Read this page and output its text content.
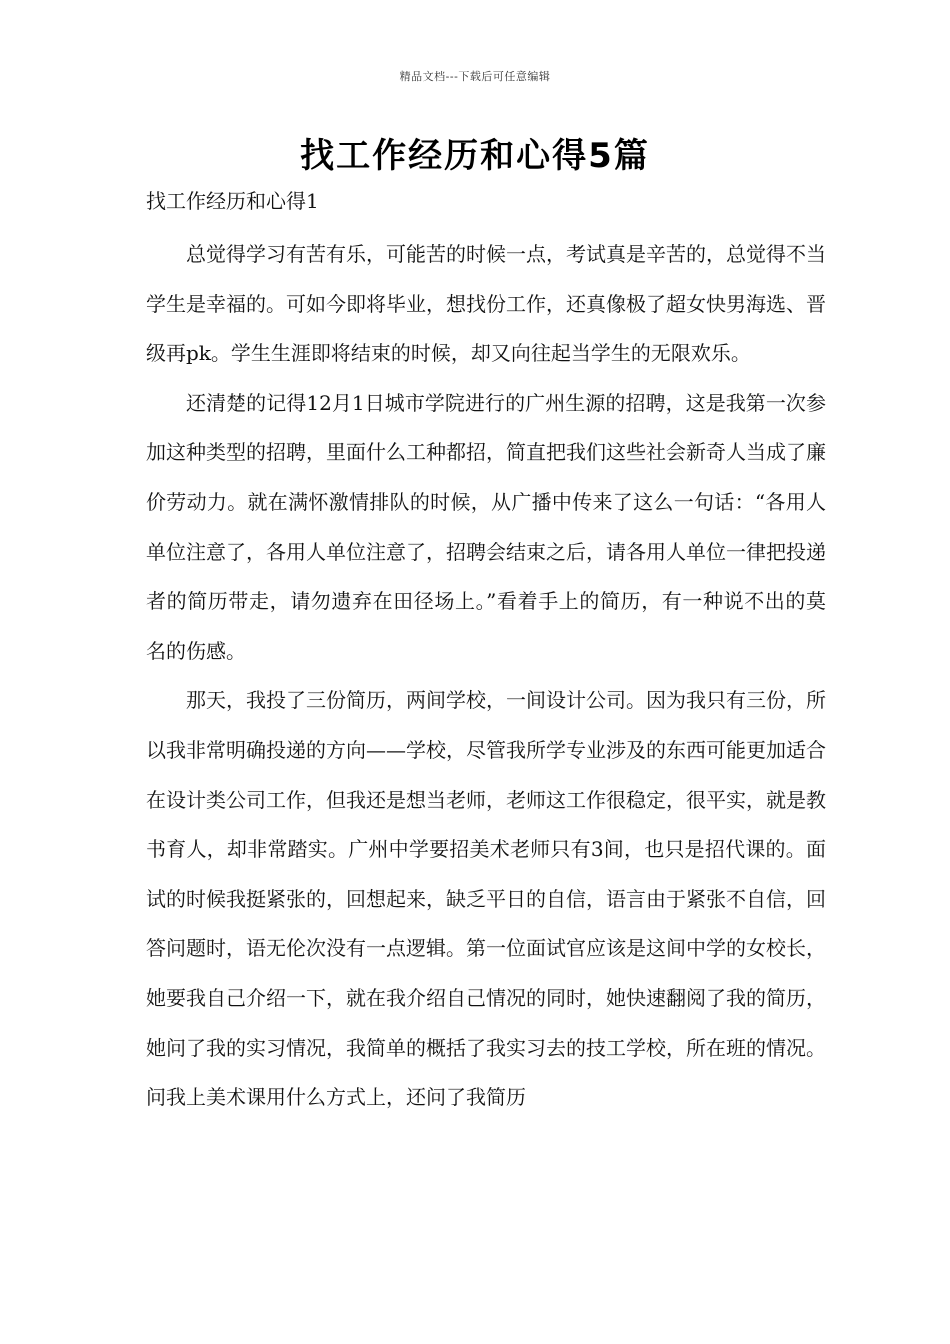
精品文档---下载后可任意编辑
找工作经历和心得5篇
找工作经历和心得1

总觉得学习有苦有乐，可能苦的时候一点，考试真是辛苦的，总觉得不当学生是幸福的。可如今即将毕业，想找份工作，还真像极了超女快男海选、晋级再pk。学生生涯即将结束的时候，却又向往起当学生的无限欢乐。

还清楚的记得12月1日城市学院进行的广州生源的招聘，这是我第一次参加这种类型的招聘，里面什么工种都招，简直把我们这些社会新奇人当成了廉价劳动力。就在满怀激情排队的时候，从广播中传来了这么一句话：“各用人单位注意了，各用人单位注意了，招聘会结束之后，请各用人单位一律把投递者的简历带走，请勿遗弃在田径场上。”看着手上的简历，有一种说不出的莫名的伤感。

那天，我投了三份简历，两间学校，一间设计公司。因为我只有三份，所以我非常明确投递的方向——学校，尽管我所学专业涉及的东西可能更加适合在设计类公司工作，但我还是想当老师，老师这工作很稳定，很平实，就是教书育人，却非常踏实。广州中学要招美术老师只有3间，也只是招代课的。面试的时候我挺紧张的，回想起来，缺乏平日的自信，语言由于紧张不自信，回答问题时，语无伦次没有一点逻辑。第一位面试官应该是这间中学的女校长，她要我自己介绍一下，就在我介绍自己情况的同时，她快速翻阅了我的简历，她问了我的实习情况，我简单的概括了我实习去的技工学校，所在班的情况。问我上美术课用什么方式上，还问了我简历
